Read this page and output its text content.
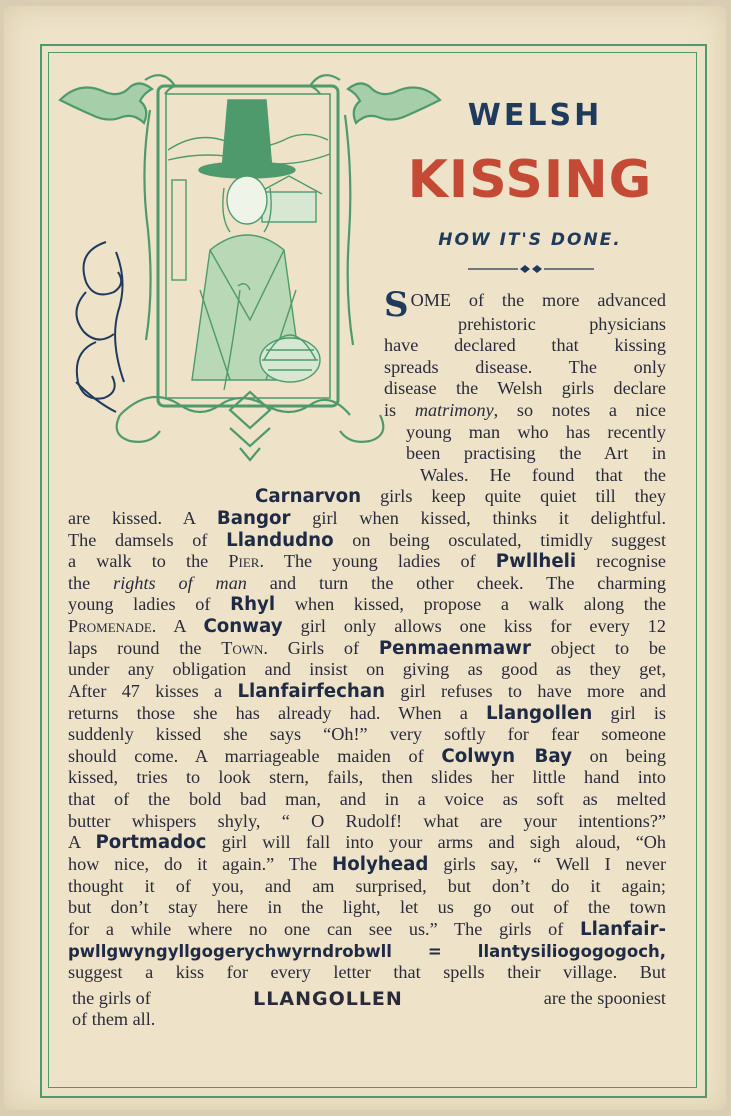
WELSH
KISSING
HOW IT'S DONE.
SOME of the more advanced
prehistoric physicians
have declared that kissing
spreads disease. The only
disease the Welsh girls declare
is matrimony, so notes a nice
young man who has recently
been practising the Art in
Wales. He found that the
Carnarvon girls keep quite quiet till they
are kissed. A Bangor girl when kissed, thinks it delightful.
The damsels of Llandudno on being osculated, timidly suggest
a walk to the Pier. The young ladies of Pwllheli recognise
the rights of man and turn the other cheek. The charming
young ladies of Rhyl when kissed, propose a walk along the
Promenade. A Conway girl only allows one kiss for every 12
laps round the Town. Girls of Penmaenmawr object to be
under any obligation and insist on giving as good as they get,
After 47 kisses a Llanfairfechan girl refuses to have more and
returns those she has already had. When a Llangollen girl is
suddenly kissed she says “Oh!” very softly for fear someone
should come. A marriageable maiden of Colwyn Bay on being
kissed, tries to look stern, fails, then slides her little hand into
that of the bold bad man, and in a voice as soft as melted
butter whispers shyly, “ O Rudolf! what are your intentions?”
A Portmadoc girl will fall into your arms and sigh aloud, “Oh
how nice, do it again.” The Holyhead girls say, “ Well I never
thought it of you, and am surprised, but don’t do it again;
but don’t stay here in the light, let us go out of the town
for a while where no one can see us.” The girls of Llanfair-
pwllgwyngyllgogerychwyrndrobwll = llantysiliogogogoch,
suggest a kiss for every letter that spells their village. But
the girls of	are the spooniest
of them all.
LLANGOLLEN
